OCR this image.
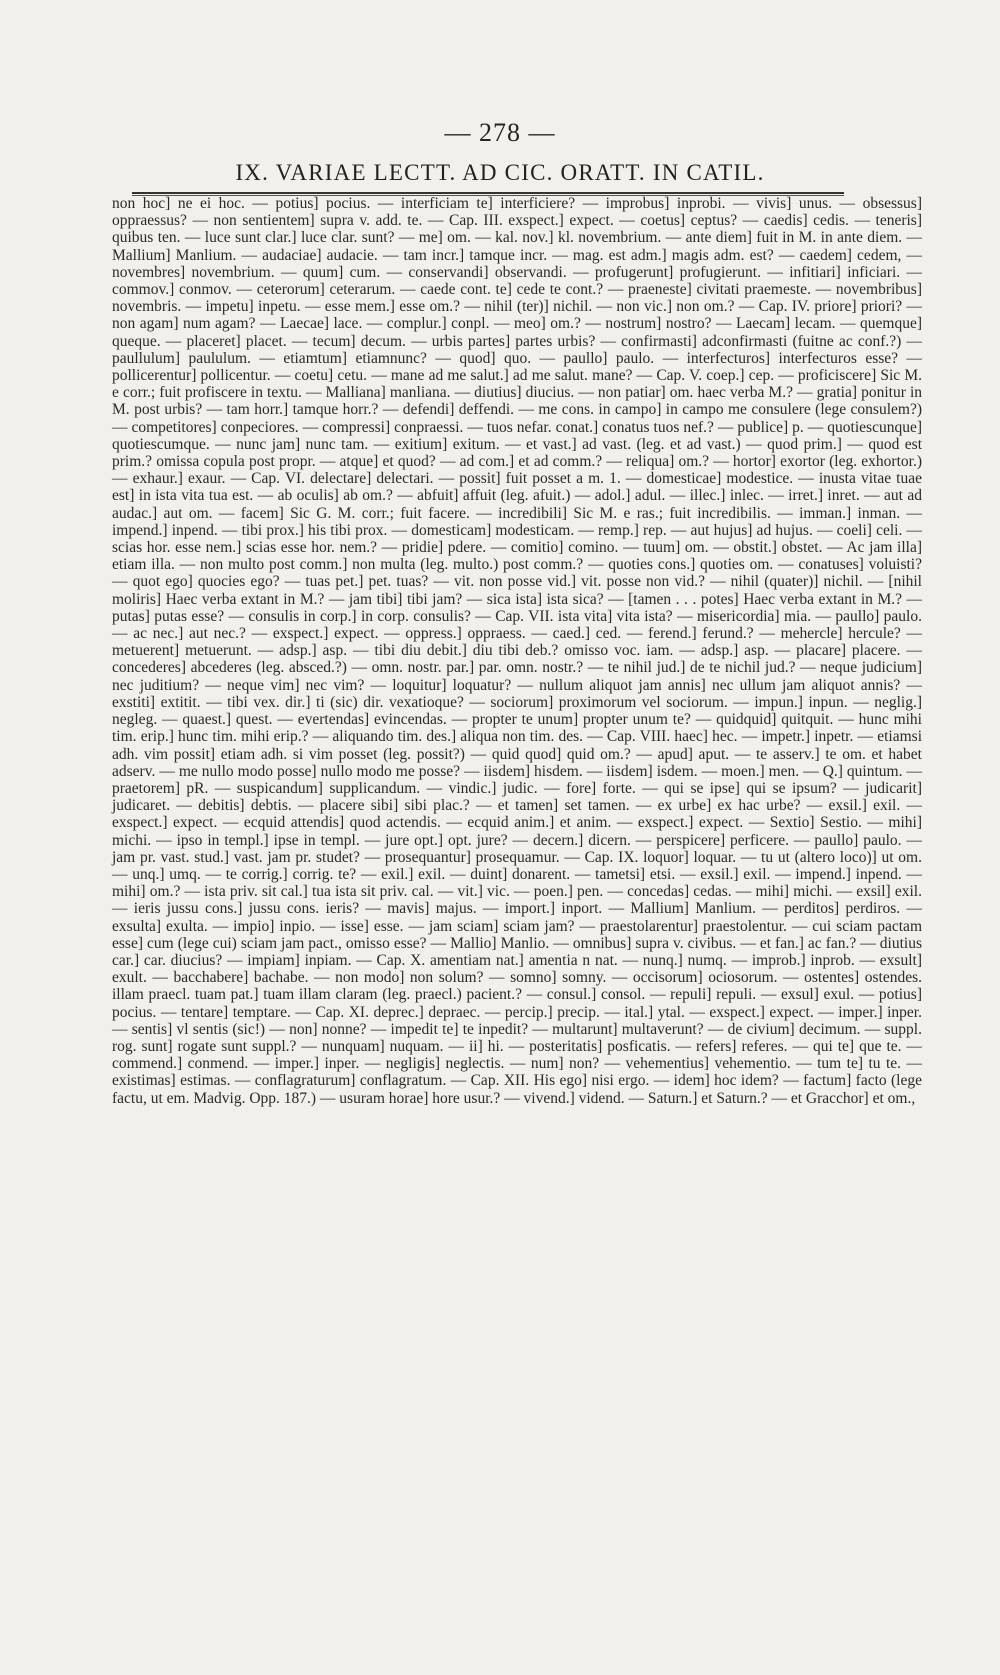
— 278 —
IX. VARIAE LECTT. AD CIC. ORATT. IN CATIL.

non hoc] ne ei hoc. — potius] pocius. — interficiam te] interficiere? — improbus] inprobi. — vivis] unus. — obsessus] oppraessus? — non sentientem] supra v. add. te. — Cap. III. exspect.] expect. — coetus] ceptus? — caedis] cedis. — teneris] quibus ten. — luce sunt clar.] luce clar. sunt? — me] om. — kal. nov.] kl. novembrium. — ante diem] fuit in M. in ante diem. — Mallium] Manlium. — audaciae] audacie. — tam incr.] tamque incr. — mag. est adm.] magis adm. est? — caedem] cedem, — novembres] novembrium. — quum] cum. — conservandi] observandi. — profugerunt] profugierunt. — infitiari] inficiari. — commov.] conmov. — ceterorum] ceterarum. — caede cont. te] cede te cont.? — praeneste] civitati praemeste. — novembribus] novembris. — impetu] inpetu. — esse mem.] esse om.? — nihil (ter)] nichil. — non vic.] non om.? — Cap. IV. priore] priori? — non agam] num agam? — Laecae] lace. — complur.] conpl. — meo] om.? — nostrum] nostro? — Laecam] lecam. — quemque] queque. — placeret] placet. — tecum] decum. — urbis partes] partes urbis? — confirmasti] adconfirmasti (fuitne ac conf.?) — paullulum] paululum. — etiamtum] etiamnunc? — quod] quo. — paullo] paulo. — interfecturos] interfecturos esse? — pollicerentur] pollicentur. — coetu] cetu. — mane ad me salut.] ad me salut. mane? — Cap. V. coep.] cep. — proficiscere] Sic M. e corr.; fuit profiscere in textu. — Malliana] manliana. — diutius] diucius. — non patiar] om. haec verba M.? — gratia] ponitur in M. post urbis? — tam horr.] tamque horr.? — defendi] deffendi. — me cons. in campo] in campo me consulere (lege consulem?) — competitores] conpeciores. — compressi] conpraessi. — tuos nefar. conat.] conatus tuos nef.? — publice] p. — quotiescunque] quotiescumque. — nunc jam] nunc tam. — exitium] exitum. — et vast.] ad vast. (leg. et ad vast.) — quod prim.] — quod est prim.? omissa copula post propr. — atque] et quod? — ad com.] et ad comm.? — reliqua] om.? — hortor] exortor (leg. exhortor.) — exhaur.] exaur. — Cap. VI. delectare] delectari. — possit] fuit posset a m. 1. — domesticae] modestice. — inusta vitae tuae est] in ista vita tua est. — ab oculis] ab om.? — abfuit] affuit (leg. afuit.) — adol.] adul. — illec.] inlec. — irret.] inret. — aut ad audac.] aut om. — facem] Sic G. M. corr.; fuit facere. — incredibili] Sic M. e ras.; fuit incredibilis. — imman.] inman. — impend.] inpend. — tibi prox.] his tibi prox. — domesticam] modesticam. — remp.] rep. — aut hujus] ad hujus. — coeli] celi. — scias hor. esse nem.] scias esse hor. nem.? — pridie] pdere. — comitio] comino. — tuum] om. — obstit.] obstet. — Ac jam illa] etiam illa. — non multo post comm.] non multa (leg. multo.) post comm.? — quoties cons.] quoties om. — conatuses] voluisti? — quot ego] quocies ego? — tuas pet.] pet. tuas? — vit. non posse vid.] vit. posse non vid.? — nihil (quater)] nichil. — [nihil moliris] Haec verba extant in M.? — jam tibi] tibi jam? — sica ista] ista sica? — [tamen . . . potes] Haec verba extant in M.? — putas] putas esse? — consulis in corp.] in corp. consulis? — Cap. VII. ista vita] vita ista? — misericordia] mia. — paullo] paulo. — ac nec.] aut nec.? — exspect.] expect. — oppress.] oppraess. — caed.] ced. — ferend.] ferund.? — mehercle] hercule? — metuerent] metuerunt. — adsp.] asp. — tibi diu debit.] diu tibi deb.? omisso voc. iam. — adsp.] asp. — placare] placere. — concederes] abcederes (leg. absced.?) — omn. nostr. par.] par. omn. nostr.? — te nihil jud.] de te nichil jud.? — neque judicium] nec juditium? — neque vim] nec vim? — loquitur] loquatur? — nullum aliquot jam annis] nec ullum jam aliquot annis? — exstiti] extitit. — tibi vex. dir.] ti (sic) dir. vexatioque? — sociorum] proximorum vel sociorum. — impun.] inpun. — neglig.] negleg. — quaest.] quest. — evertendas] evincendas. — propter te unum] propter unum te? — quidquid] quitquit. — hunc mihi tim. erip.] hunc tim. mihi erip.? — aliquando tim. des.] aliqua non tim. des. — Cap. VIII. haec] hec. — impetr.] inpetr. — etiamsi adh. vim possit] etiam adh. si vim posset (leg. possit?) — quid quod] quid om.? — apud] aput. — te asserv.] te om. et habet adserv. — me nullo modo posse] nullo modo me posse? — iisdem] hisdem. — iisdem] isdem. — moen.] men. — Q.] quintum. — praetorem] pR. — suspicandum] supplicandum. — vindic.] judic. — fore] forte. — qui se ipse] qui se ipsum? — judicarit] judicaret. — debitis] debtis. — placere sibi] sibi plac.? — et tamen] set tamen. — ex urbe] ex hac urbe? — exsil.] exil. — exspect.] expect. — ecquid attendis] quod actendis. — ecquid anim.] et anim. — exspect.] expect. — Sextio] Sestio. — mihi] michi. — ipso in templ.] ipse in templ. — jure opt.] opt. jure? — decern.] dicern. — perspicere] perficere. — paullo] paulo. — jam pr. vast. stud.] vast. jam pr. studet? — prosequantur] prosequamur. — Cap. IX. loquor] loquar. — tu ut (altero loco)] ut om. — unq.] umq. — te corrig.] corrig. te? — exil.] exil. — duint] donarent. — tametsi] etsi. — exsil.] exil. — impend.] inpend. — mihi] om.? — ista priv. sit cal.] tua ista sit priv. cal. — vit.] vic. — poen.] pen. — concedas] cedas. — mihi] michi. — exsil] exil. — ieris jussu cons.] jussu cons. ieris? — mavis] majus. — import.] inport. — Mallium] Manlium. — perditos] perdiros. — exsulta] exulta. — impio] inpio. — isse] esse. — jam sciam] sciam jam? — praestolarentur] praestolentur. — cui sciam pactam esse] cum (lege cui) sciam jam pact., omisso esse? — Mallio] Manlio. — omnibus] supra v. civibus. — et fan.] ac fan.? — diutius car.] car. diucius? — impiam] inpiam. — Cap. X. amentiam nat.] amentia n nat. — nunq.] numq. — improb.] inprob. — exsult] exult. — bacchabere] bachabe. — non modo] non solum? — somno] somny. — occisorum] ociosorum. — ostentes] ostendes. illam praecl. tuam pat.] tuam illam claram (leg. praecl.) pacient.? — consul.] consol. — repuli] repuli. — exsul] exul. — potius] pocius. — tentare] temptare. — Cap. XI. deprec.] depraec. — percip.] precip. — ital.] ytal. — exspect.] expect. — imper.] inper. — sentis] vl sentis (sic!) — non] nonne? — impedit te] te inpedit? — multarunt] multaverunt? — de civium] decimum. — suppl. rog. sunt] rogate sunt suppl.? — nunquam] nuquam. — ii] hi. — posteritatis] posficatis. — refers] referes. — qui te] que te. — commend.] conmend. — imper.] inper. — negligis] neglectis. — num] non? — vehementius] vehementio. — tum te] tu te. — existimas] estimas. — conflagraturum] conflagratum. — Cap. XII. His ego] nisi ergo. — idem] hoc idem? — factum] facto (lege factu, ut em. Madvig. Opp. 187.) — usuram horae] hore usur.? — vivend.] vidend. — Saturn.] et Saturn.? — et Gracchor] et om.,
